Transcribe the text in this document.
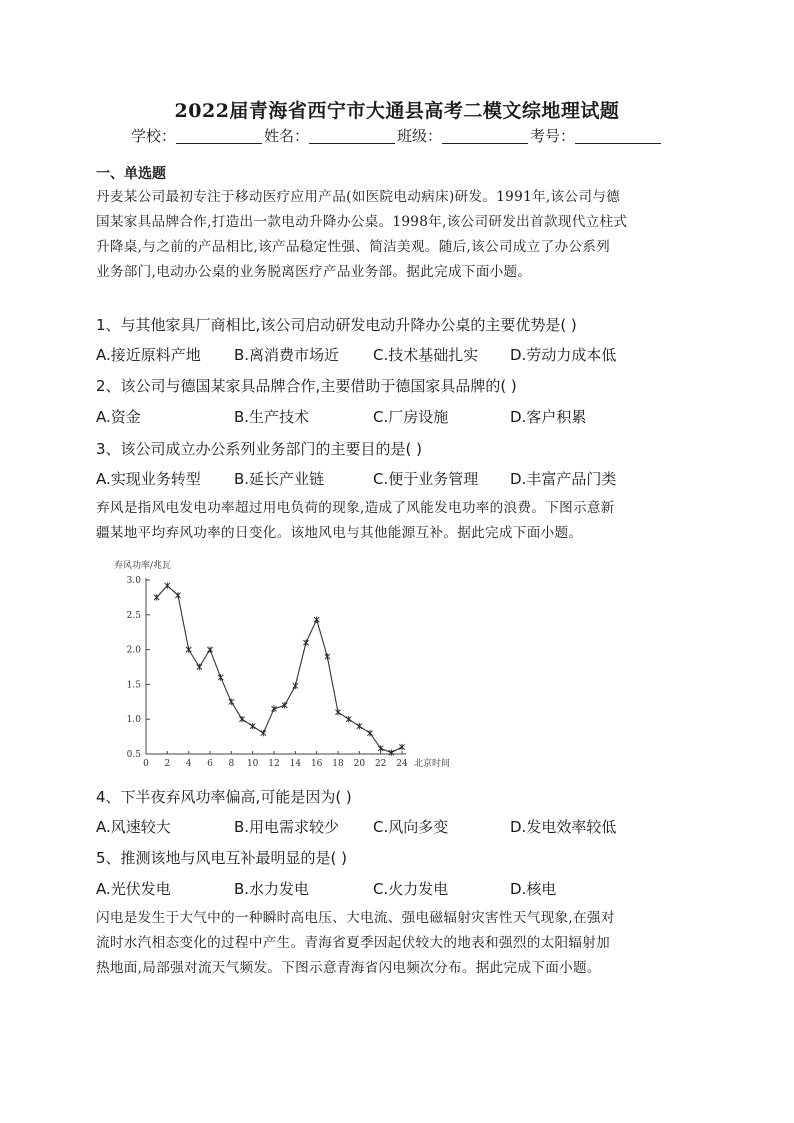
2022届青海省西宁市大通县高考二模文综地理试题
学校：	姓名：	班级：	考号：
一、单选题
丹麦某公司最初专注于移动医疗应用产品(如医院电动病床)研发。1991年,该公司与德
国某家具品牌合作,打造出一款电动升降办公桌。1998年,该公司研发出首款现代立柱式
升降桌,与之前的产品相比,该产品稳定性强、简洁美观。随后,该公司成立了办公系列
业务部门,电动办公桌的业务脱离医疗产品业务部。据此完成下面小题。
1、与其他家具厂商相比,该公司启动研发电动升降办公桌的主要优势是( )
A.接近原料产地 B.离消费市场近 C.技术基础扎实 D.劳动力成本低
2、该公司与德国某家具品牌合作,主要借助于德国家具品牌的( )
A.资金	B.生产技术	C.厂房设施	D.客户积累
3、该公司成立办公系列业务部门的主要目的是( )
A.实现业务转型 B.延长产业链	C.便于业务管理 D.丰富产品门类
弃风是指风电发电功率超过用电负荷的现象,造成了风能发电功率的浪费。下图示意新
疆某地平均弃风功率的日变化。该地风电与其他能源互补。据此完成下面小题。
弃风功率/兆瓦
0.5
1.0
1.5
2.0
2.5
3.0
0 2 4 6 8 10 12 14 16 18 20 22 24 北京时间
4、下半夜弃风功率偏高,可能是因为( )
A.风速较大	B.用电需求较少 C.风向多变	D.发电效率较低
5、推测该地与风电互补最明显的是( )
A.光伏发电	B.水力发电	C.火力发电	D.核电
闪电是发生于大气中的一种瞬时高电压、大电流、强电磁辐射灾害性天气现象,在强对
流时水汽相态变化的过程中产生。青海省夏季因起伏较大的地表和强烈的太阳辐射加
热地面,局部强对流天气频发。下图示意青海省闪电频次分布。据此完成下面小题。
